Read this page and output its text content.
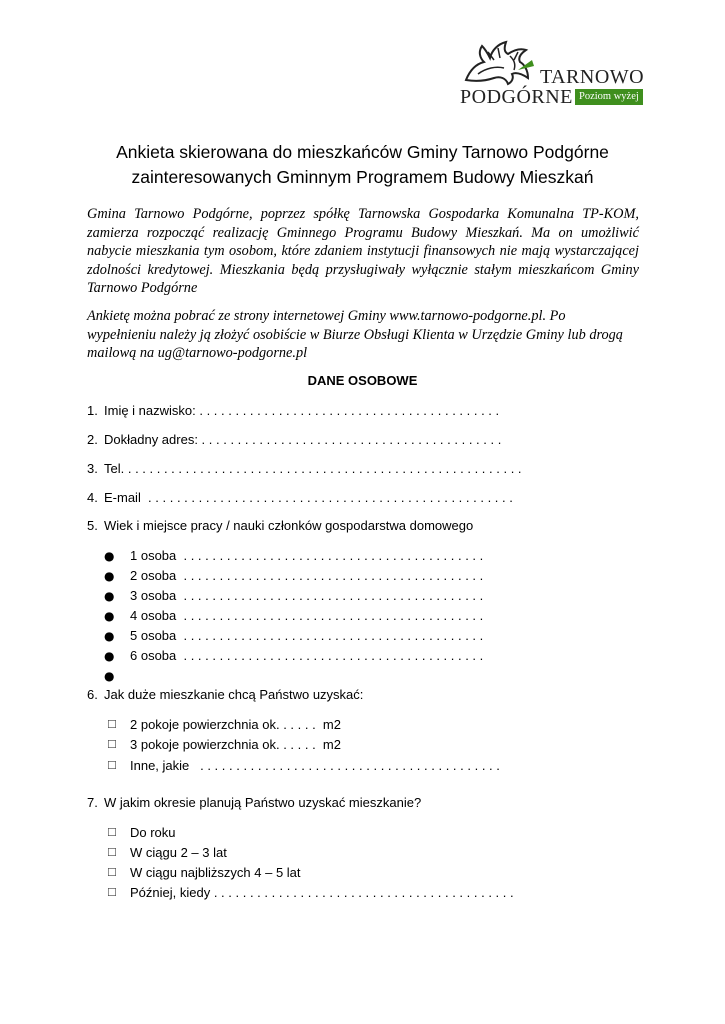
TARNOWO
PODGÓRNE Poziom wyżej
Ankieta skierowana do mieszkańców Gminy Tarnowo Podgórne
zainteresowanych Gminnym Programem Budowy Mieszkań
Gmina Tarnowo Podgórne, poprzez spółkę Tarnowska Gospodarka Komunalna TP-KOM, zamierza rozpocząć realizację Gminnego Programu Budowy Mieszkań. Ma on umożliwić nabycie mieszkania tym osobom, które zdaniem instytucji finansowych nie mają wystarczającej zdolności kredytowej. Mieszkania będą przysługiwały wyłącznie stałym mieszkańcom Gminy Tarnowo Podgórne
Ankietę można pobrać ze strony internetowej Gminy www.tarnowo-podgorne.pl. Po
wypełnieniu należy ją złożyć osobiście w Biurze Obsługi Klienta w Urzędzie Gminy lub drogą
mailową na ug@tarnowo-podgorne.pl
DANE OSOBOWE
1. Imię i nazwisko: . . . . . . . . . . . . . . . . . . . . . . . . . . . . . . . . . . . . . . . . . .
2. Dokładny adres: . . . . . . . . . . . . . . . . . . . . . . . . . . . . . . . . . . . . . . . . . .
3. Tel. . . . . . . . . . . . . . . . . . . . . . . . . . . . . . . . . . . . . . . . . . . . . . . . . . . . . . . .
4. E-mail  . . . . . . . . . . . . . . . . . . . . . . . . . . . . . . . . . . . . . . . . . . . . . . . . . . .
5. Wiek i miejsce pracy / nauki członków gospodarstwa domowego
● 1 osoba  . . . . . . . . . . . . . . . . . . . . . . . . . . . . . . . . . . . . . . . . . .
● 2 osoba  . . . . . . . . . . . . . . . . . . . . . . . . . . . . . . . . . . . . . . . . . .
● 3 osoba  . . . . . . . . . . . . . . . . . . . . . . . . . . . . . . . . . . . . . . . . . .
● 4 osoba  . . . . . . . . . . . . . . . . . . . . . . . . . . . . . . . . . . . . . . . . . .
● 5 osoba  . . . . . . . . . . . . . . . . . . . . . . . . . . . . . . . . . . . . . . . . . .
● 6 osoba  . . . . . . . . . . . . . . . . . . . . . . . . . . . . . . . . . . . . . . . . . .
●
6. Jak duże mieszkanie chcą Państwo uzyskać:
☐ 2 pokoje powierzchnia ok. . . . . .  m2
☐ 3 pokoje powierzchnia ok. . . . . .  m2
☐ Inne, jakie   . . . . . . . . . . . . . . . . . . . . . . . . . . . . . . . . . . . . . . . . . .
7. W jakim okresie planują Państwo uzyskać mieszkanie?
☐ Do roku
☐ W ciągu 2 – 3 lat
☐ W ciągu najbliższych 4 – 5 lat
☐ Później, kiedy . . . . . . . . . . . . . . . . . . . . . . . . . . . . . . . . . . . . . . . . . .
